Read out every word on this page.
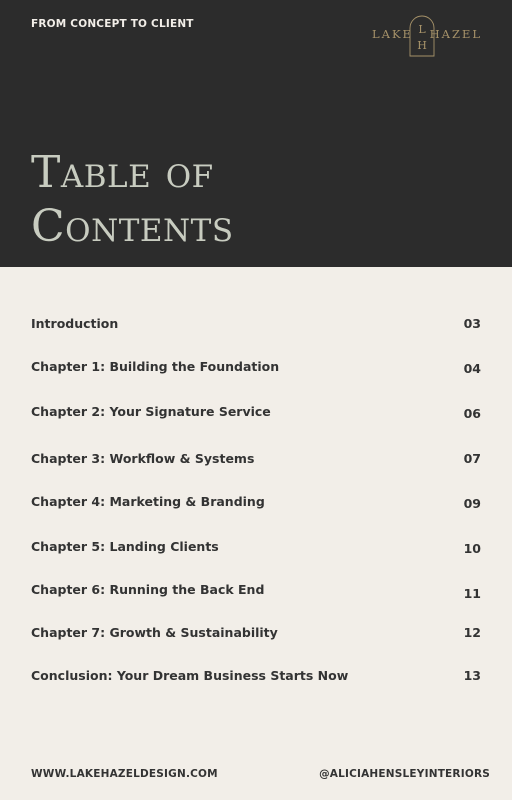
FROM CONCEPT TO CLIENT
LAKE L
H
HAZEL
Table of
Contents
Introduction	03
Chapter 1: Building the Foundation	04
Chapter 2: Your Signature Service	06
Chapter 3: Workflow & Systems	07
Chapter 4: Marketing & Branding	09
Chapter 5: Landing Clients	10
Chapter 6: Running the Back End	11
Chapter 7: Growth & Sustainability	12
Conclusion: Your Dream Business Starts Now	13
WWW.LAKEHAZELDESIGN.COM	@ALICIAHENSLEYINTERIORS
